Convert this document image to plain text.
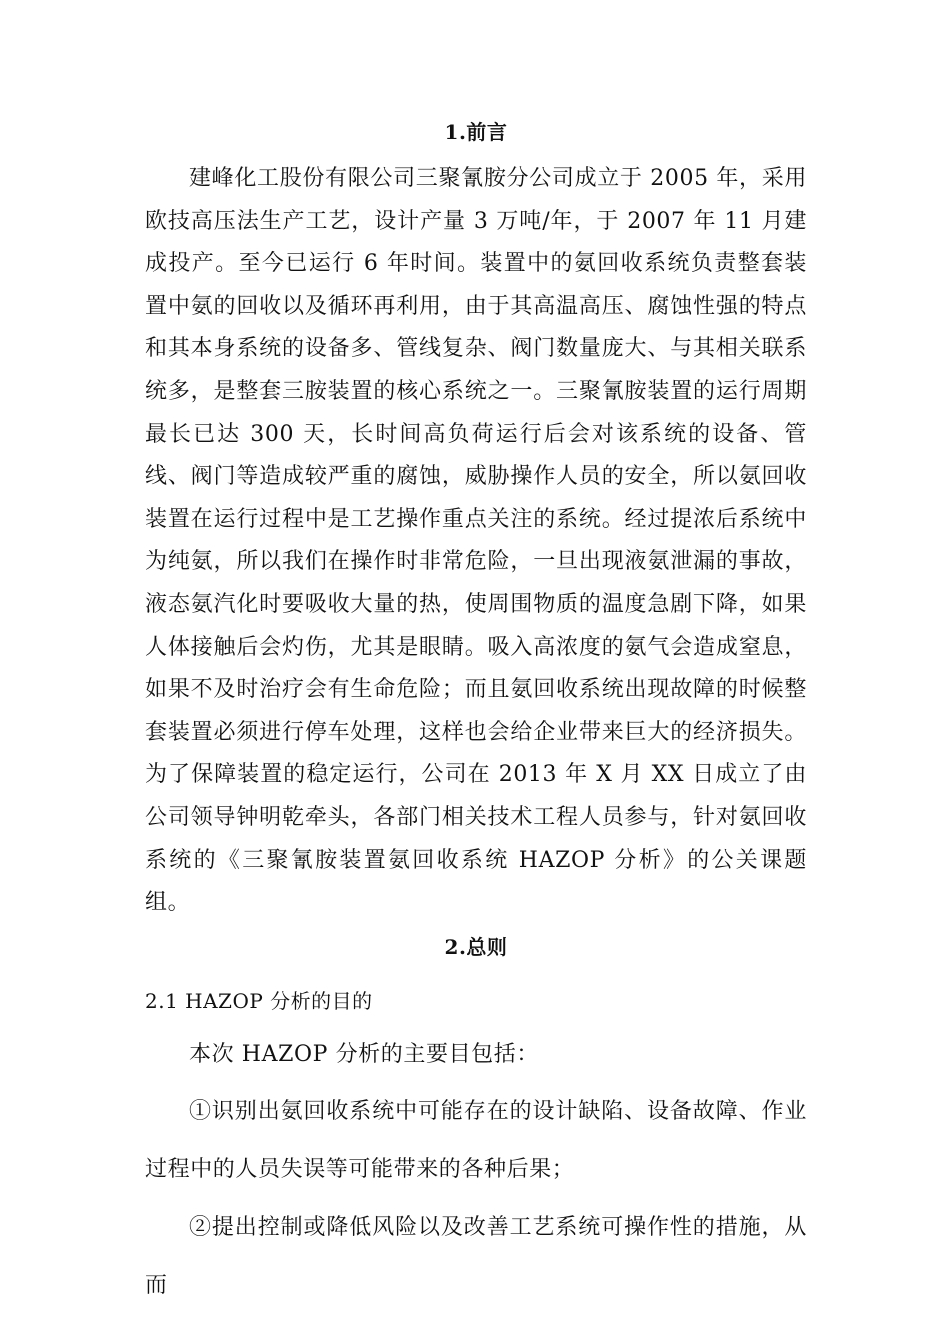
1.前言

建峰化工股份有限公司三聚氰胺分公司成立于 2005 年，采用欧技高压法生产工艺，设计产量 3 万吨/年，于 2007 年 11 月建成投产。至今已运行 6 年时间。装置中的氨回收系统负责整套装置中氨的回收以及循环再利用，由于其高温高压、腐蚀性强的特点和其本身系统的设备多、管线复杂、阀门数量庞大、与其相关联系统多，是整套三胺装置的核心系统之一。三聚氰胺装置的运行周期最长已达 300 天，长时间高负荷运行后会对该系统的设备、管线、阀门等造成较严重的腐蚀，威胁操作人员的安全，所以氨回收装置在运行过程中是工艺操作重点关注的系统。经过提浓后系统中为纯氨，所以我们在操作时非常危险，一旦出现液氨泄漏的事故，液态氨汽化时要吸收大量的热，使周围物质的温度急剧下降，如果人体接触后会灼伤，尤其是眼睛。吸入高浓度的氨气会造成窒息，如果不及时治疗会有生命危险；而且氨回收系统出现故障的时候整套装置必须进行停车处理，这样也会给企业带来巨大的经济损失。为了保障装置的稳定运行，公司在 2013 年 X 月 XX 日成立了由公司领导钟明乾牵头，各部门相关技术工程人员参与，针对氨回收系统的《三聚氰胺装置氨回收系统 HAZOP 分析》的公关课题组。

2.总则

2.1 HAZOP 分析的目的

本次 HAZOP 分析的主要目包括：

①识别出氨回收系统中可能存在的设计缺陷、设备故障、作业过程中的人员失误等可能带来的各种后果；

②提出控制或降低风险以及改善工艺系统可操作性的措施，从而
